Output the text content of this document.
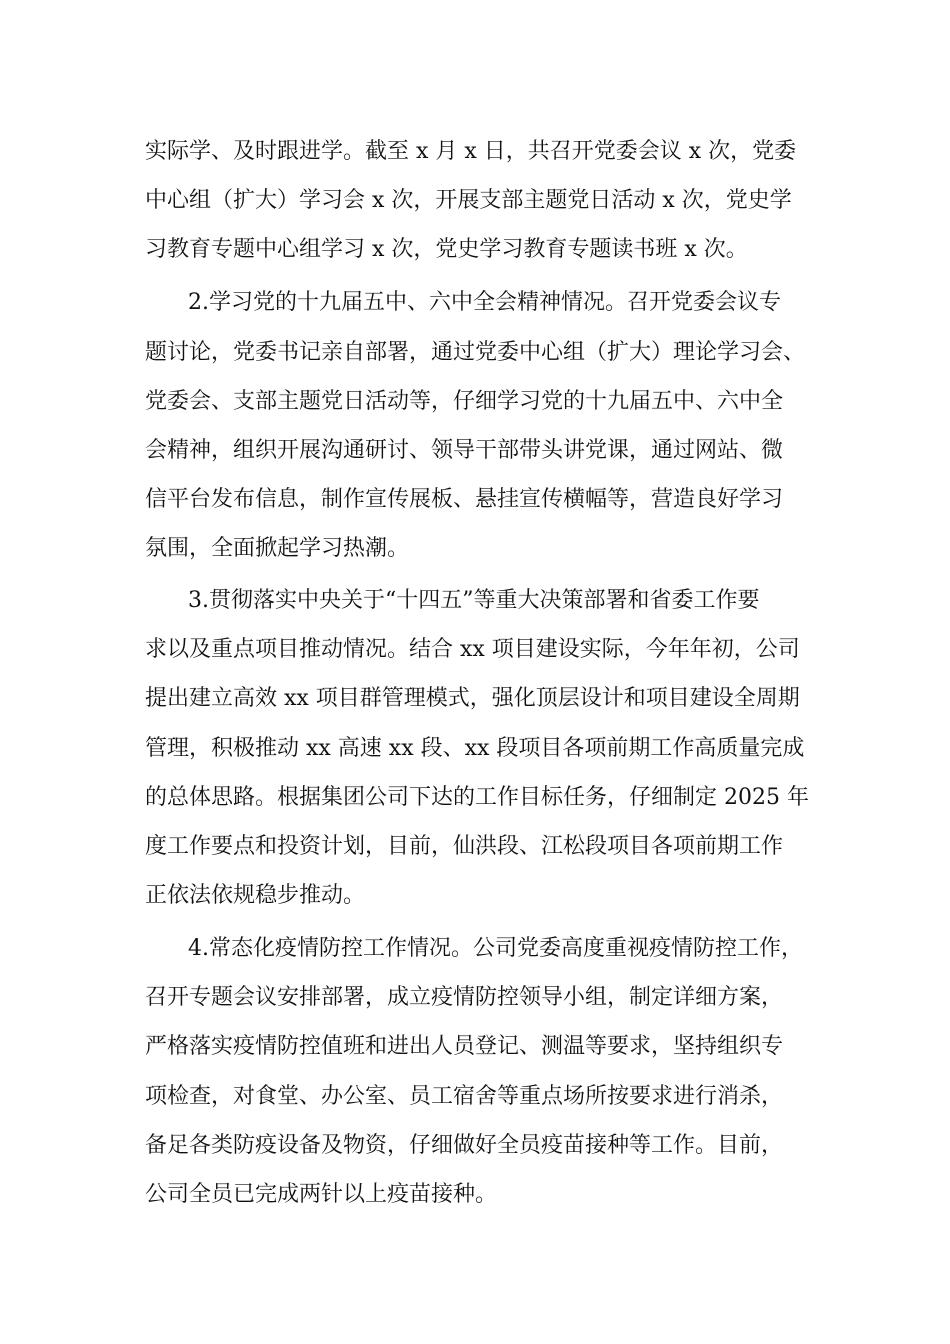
实际学、及时跟进学。截至 x 月 x 日，共召开党委会议 x 次，党委
中心组（扩大）学习会 x 次，开展支部主题党日活动 x 次，党史学
习教育专题中心组学习 x 次，党史学习教育专题读书班 x 次。
2.学习党的十九届五中、六中全会精神情况。召开党委会议专
题讨论，党委书记亲自部署，通过党委中心组（扩大）理论学习会、
党委会、支部主题党日活动等，仔细学习党的十九届五中、六中全
会精神，组织开展沟通研讨、领导干部带头讲党课，通过网站、微
信平台发布信息，制作宣传展板、悬挂宣传横幅等，营造良好学习
氛围，全面掀起学习热潮。
3.贯彻落实中央关于“十四五”等重大决策部署和省委工作要
求以及重点项目推动情况。结合 xx 项目建设实际，今年年初，公司
提出建立高效 xx 项目群管理模式，强化顶层设计和项目建设全周期
管理，积极推动 xx 高速 xx 段、xx 段项目各项前期工作高质量完成
的总体思路。根据集团公司下达的工作目标任务，仔细制定 2025 年
度工作要点和投资计划，目前，仙洪段、江松段项目各项前期工作
正依法依规稳步推动。
4.常态化疫情防控工作情况。公司党委高度重视疫情防控工作，
召开专题会议安排部署，成立疫情防控领导小组，制定详细方案，
严格落实疫情防控值班和进出人员登记、测温等要求，坚持组织专
项检查，对食堂、办公室、员工宿舍等重点场所按要求进行消杀，
备足各类防疫设备及物资，仔细做好全员疫苗接种等工作。目前，
公司全员已完成两针以上疫苗接种。
